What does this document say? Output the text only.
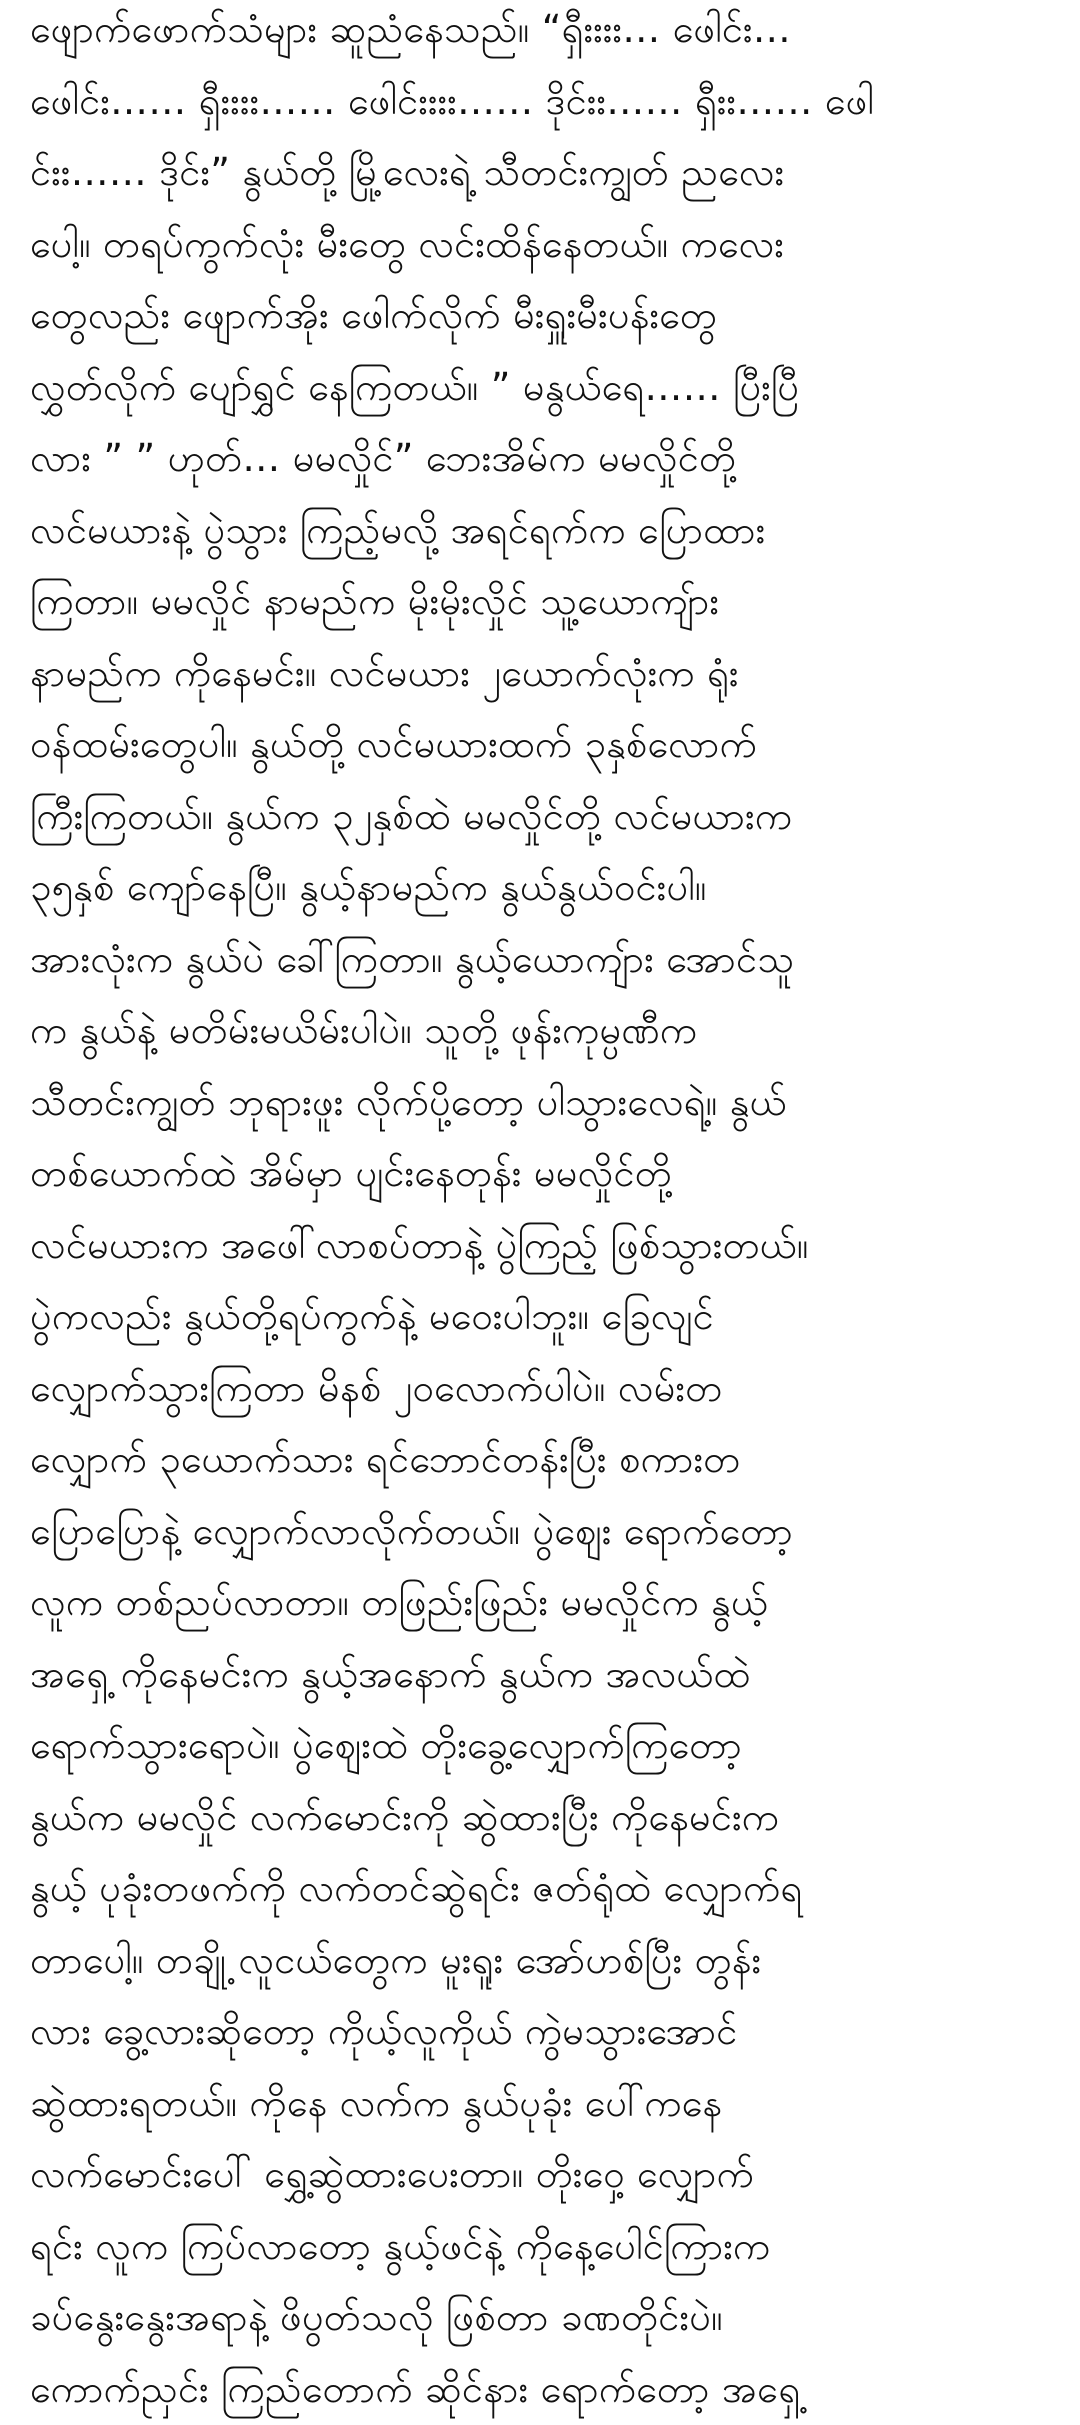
ဖျောက်ဖောက်သံများ ဆူညံနေသည်။ “ရှီးးးး… ဖေါင်း…
ဖေါင်း…… ရှီးးးး…… ဖေါင်းးးး…… ဒိုင်းး…… ရှီးး…… ဖေါ
င်းး…… ဒိုင်း” နွယ်တို့ မြို့လေးရဲ့ သီတင်းကျွတ် ညလေး
ပေါ့။ တရပ်ကွက်လုံး မီးတွေ လင်းထိန်နေတယ်။ ကလေး
တွေလည်း ဖျောက်အိုး ဖေါက်လိုက် မီးရှူးမီးပန်းတွေ
လွှတ်လိုက် ပျော်ရွှင် နေကြတယ်။ ” မနွယ်ရေ…… ပြီးပြီ
လား ” ” ဟုတ်… မမလှိုင်” ဘေးအိမ်က မမလှိုင်တို့
လင်မယားနဲ့ ပွဲသွား ကြည့်မလို့ အရင်ရက်က ပြောထား
ကြတာ။ မမလှိုင် နာမည်က မိုးမိုးလှိုင် သူ့ယောကျ်ား
နာမည်က ကိုနေမင်း။ လင်မယား ၂ယောက်လုံးက ရုံး
ဝန်ထမ်းတွေပါ။ နွယ်တို့ လင်မယားထက် ၃နှစ်လောက်
ကြီးကြတယ်။ နွယ်က ၃၂နှစ်ထဲ မမလှိုင်တို့ လင်မယားက
၃၅နှစ် ကျော်နေပြီ။ နွယ့်နာမည်က နွယ်နွယ်ဝင်းပါ။
အားလုံးက နွယ်ပဲ ခေါ်ကြတာ။ နွယ့်ယောကျ်ား အောင်သူ
က နွယ်နဲ့ မတိမ်းမယိမ်းပါပဲ။ သူတို့ ဖုန်းကုမ္ပဏီက
သီတင်းကျွတ် ဘုရားဖူး လိုက်ပို့တော့ ပါသွားလေရဲ့။ နွယ်
တစ်ယောက်ထဲ အိမ်မှာ ပျင်းနေတုန်း မမလှိုင်တို့
လင်မယားက အဖေါ်လာစပ်တာနဲ့ ပွဲကြည့် ဖြစ်သွားတယ်။
ပွဲကလည်း နွယ်တို့ရပ်ကွက်နဲ့ မဝေးပါဘူး။ ခြေလျင်
လျှောက်သွားကြတာ မိနစ် ၂၀လောက်ပါပဲ။ လမ်းတ
လျှောက် ၃ယောက်သား ရင်ဘောင်တန်းပြီး စကားတ
ပြောပြောနဲ့ လျှောက်လာလိုက်တယ်။ ပွဲဈေး ရောက်တော့
လူက တစ်ညပ်လာတာ။ တဖြည်းဖြည်း မမလှိုင်က နွယ့်
အရှေ့ ကိုနေမင်းက နွယ့်အနောက် နွယ်က အလယ်ထဲ
ရောက်သွားရောပဲ။ ပွဲဈေးထဲ တိုးခွေ့လျှောက်ကြတော့
နွယ်က မမလှိုင် လက်မောင်းကို ဆွဲထားပြီး ကိုနေမင်းက
နွယ့် ပုခုံးတဖက်ကို လက်တင်ဆွဲရင်း ဇတ်ရုံထဲ လျှောက်ရ
တာပေါ့။ တချို့ လူငယ်တွေက မူးရူး အော်ဟစ်ပြီး တွန်း
လား ခွေ့လားဆိုတော့ ကိုယ့်လူကိုယ် ကွဲမသွားအောင်
ဆွဲထားရတယ်။ ကိုနေ လက်က နွယ်ပုခုံး ပေါ်ကနေ
လက်မောင်းပေါ် ရွှေ့ဆွဲထားပေးတာ။ တိုးဝှေ့ လျှောက်
ရင်း လူက ကြပ်လာတော့ နွယ့်ဖင်နဲ့ ကိုနေ့ပေါင်ကြားက
ခပ်နွေးနွေးအရာနဲ့ ဖိပွတ်သလို ဖြစ်တာ ခဏတိုင်းပဲ။
ကောက်ညှင်း ကြည်တောက် ဆိုင်နား ရောက်တော့ အရှေ့
